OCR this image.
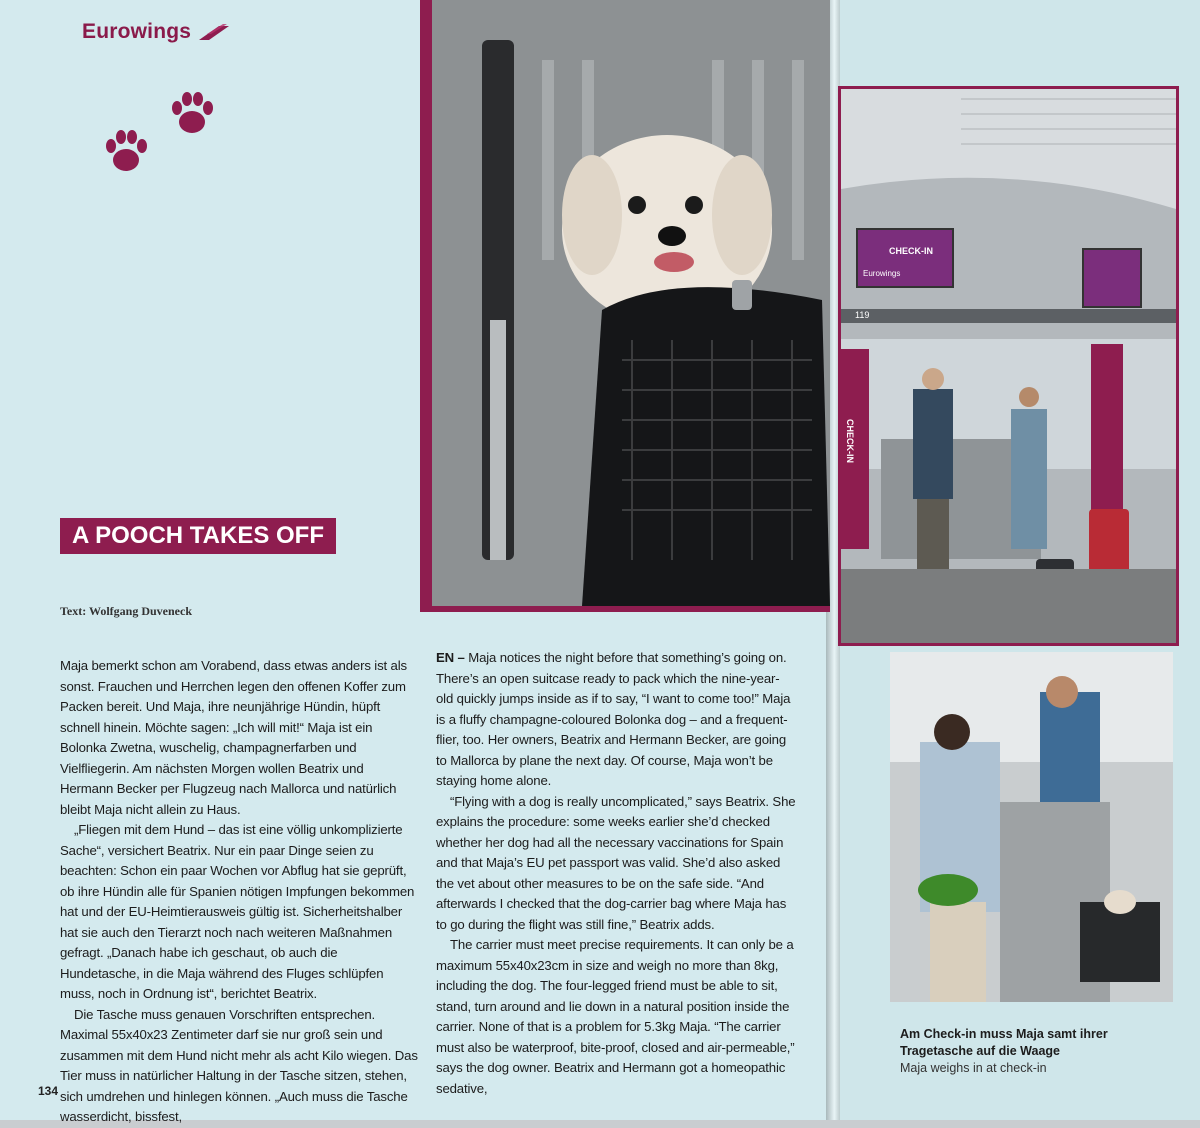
Eurowings
A POOCH TAKES OFF
Text: Wolfgang Duveneck

Maja bemerkt schon am Vorabend, dass etwas anders ist als sonst. Frauchen und Herrchen legen den offenen Koffer zum Packen bereit. Und Maja, ihre neunjährige Hündin, hüpft schnell hinein. Möchte sagen: „Ich will mit!“ Maja ist ein Bolonka Zwetna, wuschelig, champagnerfarben und Vielfliegerin. Am nächsten Morgen wollen Beatrix und Hermann Becker per Flugzeug nach Mallorca und natürlich bleibt Maja nicht allein zu Haus.

„Fliegen mit dem Hund – das ist eine völlig unkomplizierte Sache“, versichert Beatrix. Nur ein paar Dinge seien zu beachten: Schon ein paar Wochen vor Abflug hat sie geprüft, ob ihre Hündin alle für Spanien nötigen Impfungen bekommen hat und der EU-Heimtierausweis gültig ist. Sicherheitshalber hat sie auch den Tierarzt noch nach weiteren Maßnahmen gefragt. „Danach habe ich geschaut, ob auch die Hundetasche, in die Maja während des Fluges schlüpfen muss, noch in Ordnung ist“, berichtet Beatrix.

Die Tasche muss genauen Vorschriften entsprechen. Maximal 55x40x23 Zentimeter darf sie nur groß sein und zusammen mit dem Hund nicht mehr als acht Kilo wiegen. Das Tier muss in natürlicher Haltung in der Tasche sitzen, stehen, sich umdrehen und hinlegen können. „Auch muss die Tasche wasserdicht, bissfest,

EN – Maja notices the night before that something’s going on. There’s an open suitcase ready to pack which the nine-year-old quickly jumps inside as if to say, “I want to come too!” Maja is a fluffy champagne-coloured Bolonka dog – and a frequent-flier, too. Her owners, Beatrix and Hermann Becker, are going to Mallorca by plane the next day. Of course, Maja won’t be staying home alone.

“Flying with a dog is really uncomplicated,” says Beatrix. She explains the procedure: some weeks earlier she’d checked whether her dog had all the necessary vaccinations for Spain and that Maja’s EU pet passport was valid. She’d also asked the vet about other measures to be on the safe side. “And afterwards I checked that the dog-carrier bag where Maja has to go during the flight was still fine,” Beatrix adds.

The carrier must meet precise requirements. It can only be a maximum 55x40x23cm in size and weigh no more than 8kg, including the dog. The four-legged friend must be able to sit, stand, turn around and lie down in a natural position inside the carrier. None of that is a problem for 5.3kg Maja. “The carrier must also be waterproof, bite-proof, closed and air-permeable,” says the dog owner. Beatrix and Hermann got a homeopathic sedative,

134
CHECK-IN
Eurowings
119
CHECK-IN
Am Check-in muss Maja samt ihrer Tragetasche auf die Waage
Maja weighs in at check-in
